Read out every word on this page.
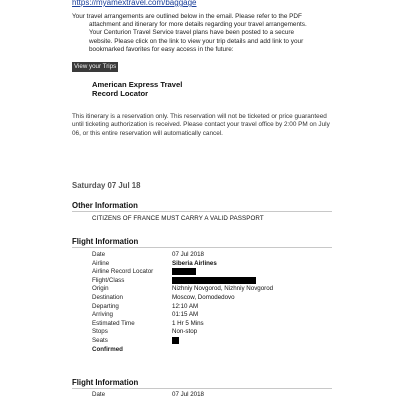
https://myamextravel.com/baggage

Your travel arrangements are outlined below in the email. Please refer to the PDF

attachment and itinerary for more details regarding your travel arrangements.

Your Centurion Travel Service travel plans have been posted to a secure

website. Please click on the link to view your trip details and add link to your

bookmarked favorites for easy access in the future:

View your Trips
American Express Travel
Record Locator
This itinerary is a reservation only. This reservation will not be ticketed or price guaranteed
until ticketing authorization is received. Please contact your travel office by 2:00 PM on July
06, or this entire reservation will automatically cancel.
Saturday 07 Jul 18
Other Information
CITIZENS OF FRANCE MUST CARRY A VALID PASSPORT
Flight Information
Date	07 Jul 2018
Airline	Siberia Airlines
Airline Record Locator
Flight/Class
Origin	Nizhniy Novgorod, Nizhniy Novgorod
Destination	Moscow, Domodedovo
Departing	12:10 AM
Arriving	01:15 AM
Estimated Time	1 Hr 5 Mins
Stops	Non-stop
Seats
Confirmed
Flight Information
Date	07 Jul 2018
